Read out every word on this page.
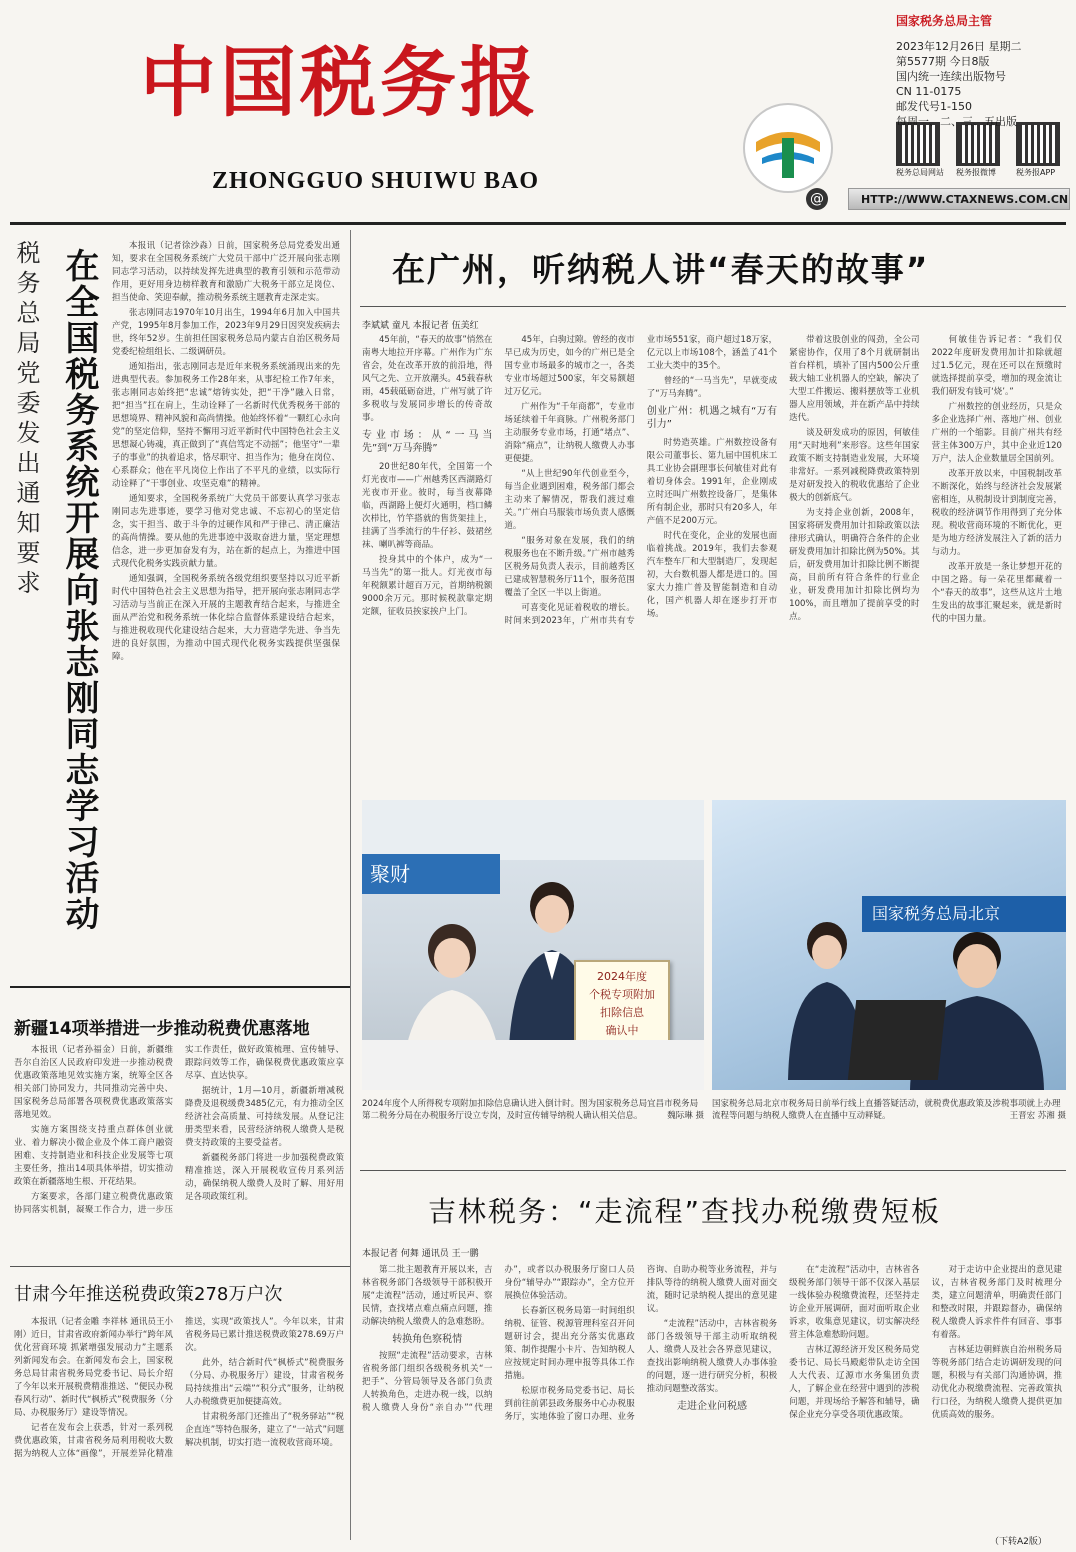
中国税务报
ZHONGGUO SHUIWU BAO
国家税务总局主管
2023年12月26日 星期二
第5577期 今日8版
国内统一连续出版物号
CN 11-0175
邮发代号1-150
税务总局网站 税务报微博	税务报APP
@	HTTP://WWW.CTAXNEWS.COM.CN
税务总局党委发出通知要求 在全国税务系统开展向张志刚同志学习活动

本报讯（记者徐沙淼）日前，国家税务总局党委发出通知，要求在全国税务系统广大党员干部中广泛开展向张志刚同志学习活动，以持续发挥先进典型的教育引领和示范带动作用，更好用身边榜样教育和激励广大税务干部立足岗位、担当使命、笑迎奉献，推动税务系统主题教育走深走实。

张志刚同志1970年10月出生，1994年6月加入中国共产党，1995年8月参加工作，2023年9月29日因突发疾病去世，终年52岁。生前担任国家税务总局内蒙古自治区税务局党委纪检组组长、二级调研员。

通知指出，张志刚同志是近年来税务系统涌现出来的先进典型代表。参加税务工作28年来，从事纪检工作7年来，张志刚同志始终把“忠诚”熔铸实处，把“干净”融入日常，把“担当”扛在肩上，生动诠释了一名新时代优秀税务干部的思想境界、精神风貌和高尚情操。他始终怀着“一颗红心永向党”的坚定信仰，坚持不懈用习近平新时代中国特色社会主义思想凝心铸魂，真正做到了“真信笃定不动摇”；他坚守“一辈子的事业”的执着追求，恪尽职守、担当作为；他身在岗位、心系群众；他在平凡岗位上作出了不平凡的业绩，以实际行动诠释了“干事创业、攻坚克难”的精神。

通知要求，全国税务系统广大党员干部要认真学习张志刚同志先进事迹，要学习他对党忠诚、不忘初心的坚定信念，实干担当、敢于斗争的过硬作风和严于律己、清正廉洁的高尚情操。要从他的先进事迹中汲取奋进力量，坚定理想信念，进一步更加奋发有为，站在新的起点上，为推进中国式现代化税务实践贡献力量。

通知强调，全国税务系统各级党组织要坚持以习近平新时代中国特色社会主义思想为指导，把开展向张志刚同志学习活动与当前正在深入开展的主题教育结合起来，与推进全面从严治党和税务系统一体化综合监督体系建设结合起来，与推进税收现代化建设结合起来，大力营造学先进、争当先进的良好氛围，为推动中国式现代化税务实践提供坚强保障。

新疆14项举措进一步推动税费优惠落地

本报讯（记者孙福金）日前，新疆维吾尔自治区人民政府印发进一步推动税费优惠政策落地见效实施方案，统筹全区各相关部门协同发力，共同推动完善中央、国家税务总局部署各项税费优惠政策落实落地见效。

实施方案围绕支持重点群体创业就业、着力解决小微企业及个体工商户融资困难、支持制造业和科技企业发展等七项主要任务，推出14项具体举措，切实推动政策在新疆落地生根、开花结果。

方案要求，各部门建立税费优惠政策协同落实机制，凝聚工作合力，进一步压实工作责任，做好政策梳理、宣传辅导、跟踪问效等工作，确保税费优惠政策应享尽享、直达快享。

据统计，1月—10月，新疆新增减税降费及退税缓费3485亿元，有力推动全区经济社会高质量、可持续发展。从登记注册类型来看，民营经济纳税人缴费人是税费支持政策的主要受益者。

新疆税务部门将进一步加强税费政策精准推送，深入开展税收宣传月系列活动，确保纳税人缴费人及时了解、用好用足各项政策红利。

甘肃今年推送税费政策278万户次

本报讯（记者金雕 李祥林 通讯员王小刚）近日，甘肃省政府新闻办举行“跨年风优化营商环境 抓紧增强发展动力”主题系列新闻发布会。在新闻发布会上，国家税务总局甘肃省税务局党委书记、局长介绍了今年以来开展税费精准推送、“便民办税春风行动”、新时代“枫桥式”税费服务（分局、办税服务厅）建设等情况。

记者在发布会上获悉，针对一系列税费优惠政策，甘肃省税务局利用税收大数据为纳税人立体“画像”，开展差异化精准推送，实现“政策找人”。今年以来，甘肃省税务局已累计推送税费政策278.69万户次。

此外，结合新时代“枫桥式”税费服务（分局、办税服务厅）建设，甘肃省税务局持续推出“云端”“积分式”服务，让纳税人办税缴费更加便捷高效。

甘肃税务部门还推出了“税务驿站”“税企直连”等特色服务，建立了“一站式”问题解决机制，切实打造一流税收营商环境。

在广州，听纳税人讲“春天的故事”
李斌斌 童凡 本报记者 伍美红

45年前，“春天的故事”悄然在南粤大地拉开序幕。广州作为广东省会，处在改革开放的前沿地，得风气之先、立开放潮头。45载春秋雨，45载砥砺奋进，广州写就了许多税收与发展同步增长的传奇故事。

专业市场：从“一马当先”到“万马奔腾”

20世纪80年代，全国第一个灯光夜市——广州越秀区西湖路灯光夜市开业。彼时，每当夜幕降临，西湖路上便灯火通明，档口鳞次栉比，竹竿搭就的售货架挂上，挂满了当季流行的牛仔衫、鼓裙丝袜、喇叭裤等商品。

投身其中的个体户，成为“一马当先”的第一批人。灯光夜市每年税额累计超百万元，首期纳税额9000余万元。那时候税款靠定期定额，征收员挨家挨户上门。

45年，白驹过隙。曾经的夜市早已成为历史，如今的广州已是全国专业市场最多的城市之一，各类专业市场超过500家，年交易额超过万亿元。

广州作为“千年商都”，专业市场延续着千年商脉。广州税务部门主动服务专业市场，打通“堵点”、消除“痛点”，让纳税人缴费人办事更便捷。

“从上世纪90年代创业至今，每当企业遇到困难，税务部门都会主动来了解情况，帮我们渡过难关。”广州白马服装市场负责人感慨道。

“服务对象在发展，我们的纳税服务也在不断升级。”广州市越秀区税务局负责人表示，目前越秀区已建成智慧税务厅11个，服务范围覆盖了全区一半以上街道。

可喜变化见证着税收的增长。时间来到2023年，广州市共有专业市场551家，商户超过18万家，亿元以上市场108个，涵盖了41个工业大类中的35个。

曾经的“一马当先”，早就变成了“万马奔腾”。

创业广州：机遇之城有“万有引力”

时势造英雄。广州数控设备有限公司董事长、第九届中国机床工具工业协会副理事长何敏佳对此有着切身体会。1991年，企业刚成立时还叫广州数控设备厂，是集体所有制企业，那时只有20多人，年产值不足200万元。

时代在变化，企业的发展也面临着挑战。2019年，我们去参观汽车整车厂和大型制造厂，发现起初，大台数机器人都是进口的。国家大力推广普及智能制造和自动化，国产机器人却在逐步打开市场。

带着这股创业的闯劲，全公司紧密协作，仅用了8个月就研制出首台样机，填补了国内500公斤重载大轴工业机器人的空缺，解决了大型工件搬运、搬料摆放等工业机器人应用领域，并在新产品中持续迭代。

谈及研发成功的原因，何敏佳用“天时地利”来形容。这些年国家政策不断支持制造业发展，大环境非常好。一系列减税降费政策特别是对研发投入的税收优惠给了企业极大的创新底气。

为支持企业创新，2008年，国家将研发费用加计扣除政策以法律形式确认，明确符合条件的企业研发费用加计扣除比例为50%。其后，研发费用加计扣除比例不断提高，目前所有符合条件的行业企业，研发费用加计扣除比例均为100%，而且增加了提前享受的时点。

何敏佳告诉记者：“我们仅2022年度研发费用加计扣除就超过1.5亿元，现在还可以在预缴时就选择提前享受，增加的现金流让我们研发有钱可‘烧’。”

广州数控的创业经历，只是众多企业选择广州、落地广州、创业广州的一个缩影。目前广州共有经营主体300万户，其中企业近120万户，法人企业数量居全国前列。

改革开放以来，中国税制改革不断深化，始终与经济社会发展紧密相连，从税制设计到制度完善，税收的经济调节作用得到了充分体现。税收营商环境的不断优化，更是为地方经济发展注入了新的活力与动力。

改革开放是一条让梦想开花的中国之路。每一朵花里都藏着一个“春天的故事”，这些从这片土地生发出的故事汇聚起来，就是新时代的中国力量。

聚财
2024年度
个税专项附加
扣除信息
确认中
国家税务总局北京
2024年度个人所得税专项附加扣除信息确认进入倒计时。图为国家税务总局宜昌市税务局第二税务分局在办税服务厅设立专岗，及时宣传辅导纳税人确认相关信息。	魏际琳 摄
国家税务总局北京市税务局日前举行线上直播答疑活动，就税费优惠政策及涉税事项就上办理流程等问题与纳税人缴费人在直播中互动释疑。	王晋宏 苏湘 摄
吉林税务：“走流程”查找办税缴费短板
本报记者 何舞 通讯员 王一鹏

第二批主题教育开展以来，吉林省税务部门各级领导干部积极开展“走流程”活动，通过听民声、察民情，查找堵点难点痛点问题，推动解决纳税人缴费人的急难愁盼。

转换角色察税情

按照“走流程”活动要求，吉林省税务部门组织各级税务机关“一把手”、分管局领导及各部门负责人转换角色，走进办税一线，以纳税人缴费人身份“亲自办”“代理办”，或者以办税服务厅窗口人员身份“辅导办”“跟踪办”，全方位开展换位体验活动。

长春新区税务局第一时间组织纳税、征管、税源管理科室召开问题研讨会，提出充分落实优惠政策、制作提醒小卡片、告知纳税人应按规定时间办理申报等具体工作措施。

松原市税务局党委书记、局长到前往前郭县政务服务中心办税服务厅，实地体验了窗口办理、业务咨询、自助办税等业务流程，并与排队等待的纳税人缴费人面对面交流，随时记录纳税人提出的意见建议。

“走流程”活动中，吉林省税务部门各级领导干部主动听取纳税人、缴费人及社会各界意见建议，查找出影响纳税人缴费人办事体验的问题，逐一进行研究分析，积极推动问题整改落实。

走进企业问税感

在“走流程”活动中，吉林省各级税务部门领导干部不仅深入基层一线体验办税缴费流程，还坚持走访企业开展调研，面对面听取企业诉求，收集意见建议，切实解决经营主体急难愁盼问题。

吉林辽源经济开发区税务局党委书记、局长马殿彪带队走访全国人大代表、辽源市水务集团负责人，了解企业在经营中遇到的涉税问题，并现场给予解答和辅导，确保企业充分享受各项优惠政策。

对于走访中企业提出的意见建议，吉林省税务部门及时梳理分类，建立问题清单，明确责任部门和整改时限，并跟踪督办，确保纳税人缴费人诉求件件有回音、事事有着落。

吉林延边朝鲜族自治州税务局等税务部门结合走访调研发现的问题，积极与有关部门沟通协调，推动优化办税缴费流程、完善政策执行口径，为纳税人缴费人提供更加优质高效的服务。

（下转A2版）
